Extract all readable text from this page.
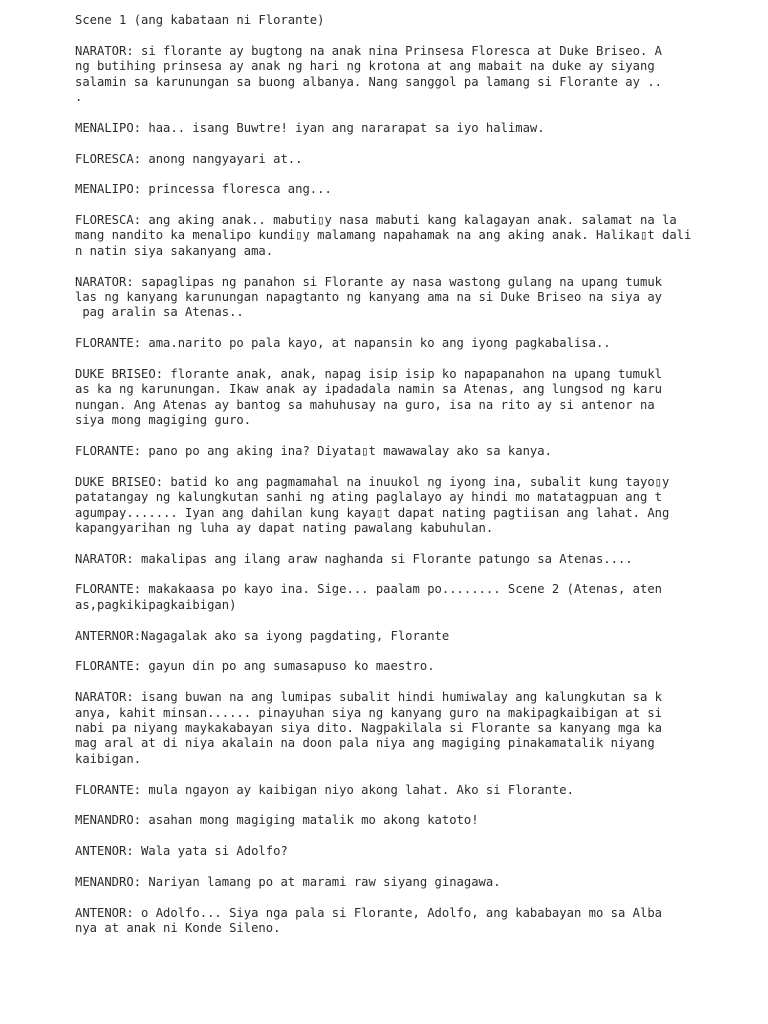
Scene 1 (ang kabataan ni Florante)
NARATOR: si florante ay bugtong na anak nina Prinsesa Floresca at Duke Briseo. A
ng butihing prinsesa ay anak ng hari ng krotona at ang mabait na duke ay siyang
salamin sa karunungan sa buong albanya. Nang sanggol pa lamang si Florante ay ..
.
MENALIPO: haa.. isang Buwtre! iyan ang nararapat sa iyo halimaw.
FLORESCA: anong nangyayari at..
MENALIPO: princessa floresca ang...
FLORESCA: ang aking anak.. mabuti▯y nasa mabuti kang kalagayan anak. salamat na la
mang nandito ka menalipo kundi▯y malamang napahamak na ang aking anak. Halika▯t dali
n natin siya sakanyang ama.
NARATOR: sapaglipas ng panahon si Florante ay nasa wastong gulang na upang tumuk
las ng kanyang karunungan napagtanto ng kanyang ama na si Duke Briseo na siya ay
pag aralin sa Atenas..
FLORANTE: ama.narito po pala kayo, at napansin ko ang iyong pagkabalisa..
DUKE BRISEO: florante anak, anak, napag isip isip ko napapanahon na upang tumukl
as ka ng karunungan. Ikaw anak ay ipadadala namin sa Atenas, ang lungsod ng karu
nungan. Ang Atenas ay bantog sa mahuhusay na guro, isa na rito ay si antenor na
siya mong magiging guro.
FLORANTE: pano po ang aking ina? Diyata▯t mawawalay ako sa kanya.
DUKE BRISEO: batid ko ang pagmamahal na inuukol ng iyong ina, subalit kung tayo▯y
patatangay ng kalungkutan sanhi ng ating paglalayo ay hindi mo matatagpuan ang t
agumpay....... Iyan ang dahilan kung kaya▯t dapat nating pagtiisan ang lahat. Ang
kapangyarihan ng luha ay dapat nating pawalang kabuhulan.
NARATOR: makalipas ang ilang araw naghanda si Florante patungo sa Atenas....
FLORANTE: makakaasa po kayo ina. Sige... paalam po........ Scene 2 (Atenas, aten
as,pagkikipagkaibigan)
ANTERNOR:Nagagalak ako sa iyong pagdating, Florante
FLORANTE: gayun din po ang sumasapuso ko maestro.
NARATOR: isang buwan na ang lumipas subalit hindi humiwalay ang kalungkutan sa k
anya, kahit minsan...... pinayuhan siya ng kanyang guro na makipagkaibigan at si
nabi pa niyang maykakabayan siya dito. Nagpakilala si Florante sa kanyang mga ka
mag aral at di niya akalain na doon pala niya ang magiging pinakamatalik niyang
kaibigan.
FLORANTE: mula ngayon ay kaibigan niyo akong lahat. Ako si Florante.
MENANDRO: asahan mong magiging matalik mo akong katoto!
ANTENOR: Wala yata si Adolfo?
MENANDRO: Nariyan lamang po at marami raw siyang ginagawa.
ANTENOR: o Adolfo... Siya nga pala si Florante, Adolfo, ang kababayan mo sa Alba
nya at anak ni Konde Sileno.
